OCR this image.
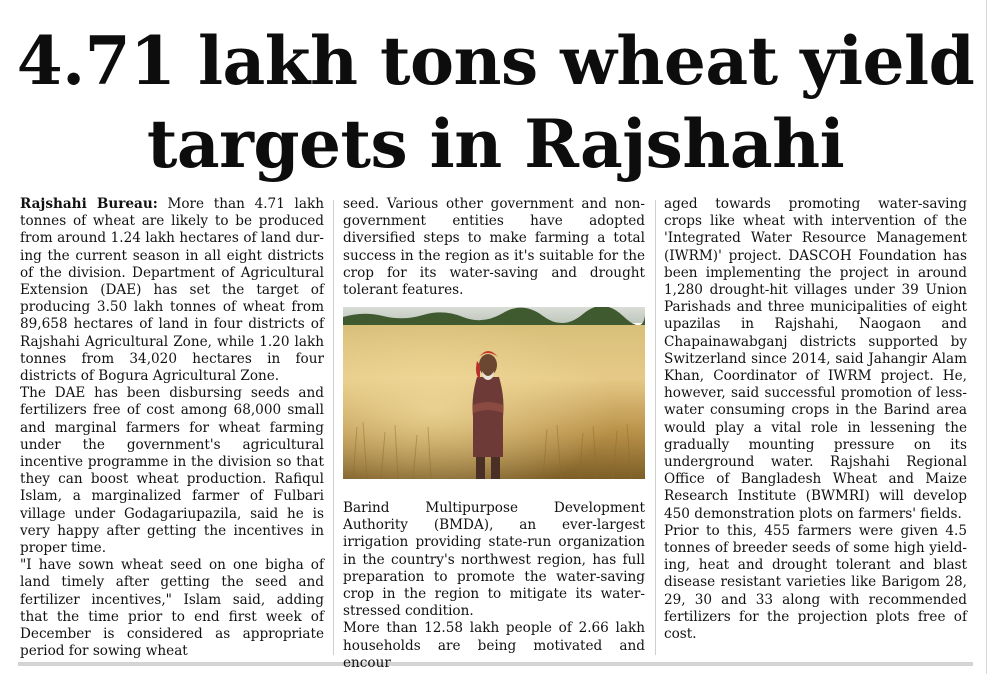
4.71 lakh tons wheat yield
targets in Rajshahi

Rajshahi Bureau: More than 4.71 lakh tonnes of wheat are likely to be produced from around 1.24 lakh hectares of land during the current season in all eight districts of the division. Department of Agricultural Extension (DAE) has set the target of producing 3.50 lakh tonnes of wheat from 89,658 hectares of land in four districts of Rajshahi Agricultural Zone, while 1.20 lakh tonnes from 34,020 hectares in four districts of Bogura Agricultural Zone.

The DAE has been disbursing seeds and fertilizers free of cost among 68,000 small and marginal farmers for wheat farming under the government's agricultural incentive programme in the division so that they can boost wheat production. Rafiqul Islam, a marginalized farmer of Fulbari village under Godagariupazila, said he is very happy after getting the incentives in proper time.

"I have sown wheat seed on one bigha of land timely after getting the seed and fertilizer incentives," Islam said, adding that the time prior to end first week of December is considered as appropriate period for sowing wheat

seed. Various other government and non-government entities have adopted diversified steps to make farming a total success in the region as it's suitable for the crop for its water-saving and drought tolerant features.

Barind Multipurpose Development Authority (BMDA), an ever-largest irrigation providing state-run organization in the country's northwest region, has full preparation to promote the water-saving crop in the region to mitigate its water-stressed condition.

More than 12.58 lakh people of 2.66 lakh households are being motivated and encour

aged towards promoting water-saving crops like wheat with intervention of the 'Integrated Water Resource Management (IWRM)' project. DASCOH Foundation has been implementing the project in around 1,280 drought-hit villages under 39 Union Parishads and three municipalities of eight upazilas in Rajshahi, Naogaon and Chapainawabganj districts supported by Switzerland since 2014, said Jahangir Alam Khan, Coordinator of IWRM project. He, however, said successful promotion of less-water consuming crops in the Barind area would play a vital role in lessening the gradually mounting pressure on its underground water. Rajshahi Regional Office of Bangladesh Wheat and Maize Research Institute (BWMRI) will develop 450 demonstration plots on farmers' fields.

Prior to this, 455 farmers were given 4.5 tonnes of breeder seeds of some high yielding, heat and drought tolerant and blast disease resistant varieties like Barigom 28, 29, 30 and 33 along with recommended fertilizers for the projection plots free of cost.
